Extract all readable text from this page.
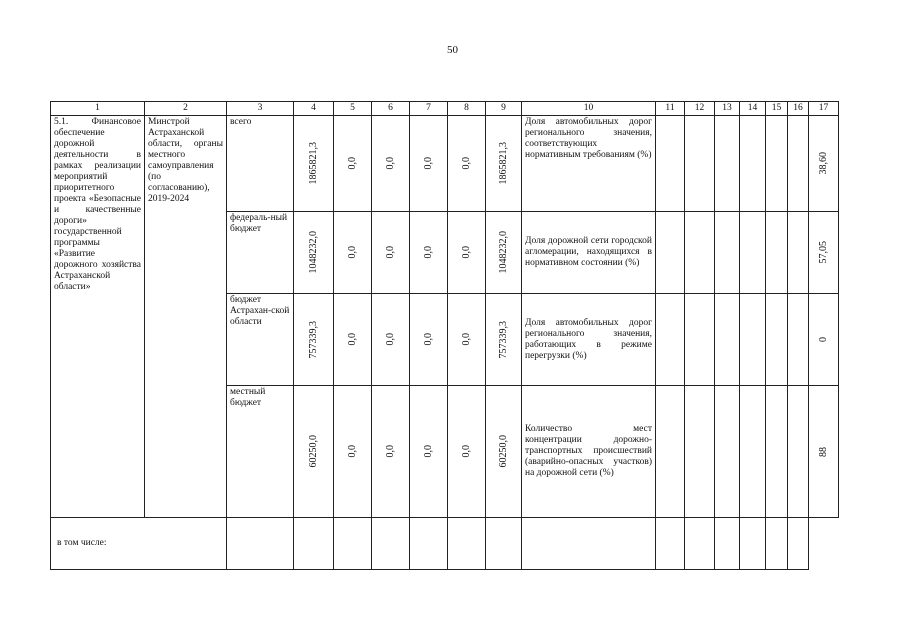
50
1	2	3	4	5	6	7	8	9	10	11	12	13	14	15	16	17
5.1. Финансовое обеспечение дорожной деятельности в рамках реализации мероприятий приоритетного проекта «Безопасные и качественные дороги» государственной программы «Развитие дорожного хозяйства Астраханской области»	Минстрой Астраханской области, органы местного самоуправления (по согласованию), 2019-2024	всего	1865821,3	0,0	0,0	0,0	0,0	1865821,3	Доля автомобильных дорог регионального значения, соответствующих нормативным требованиям (%)							38,60

		федераль-ный бюджет	1048232,0	0,0	0,0	0,0	0,0	1048232,0	Доля дорожной сети городской агломерации, находящихся в нормативном состоянии (%)							57,05

		бюджет Астрахан-ской области	757339,3	0,0	0,0	0,0	0,0	757339,3	Доля автомобильных дорог регионального значения, работающих в режиме перегрузки (%)							0

		местный бюджет	60250,0	0,0	0,0	0,0	0,0	60250,0	Количество мест концентрации дорожно-транспортных происшествий (аварийно-опасных участков) на дорожной сети (%)							88

в том числе:																
